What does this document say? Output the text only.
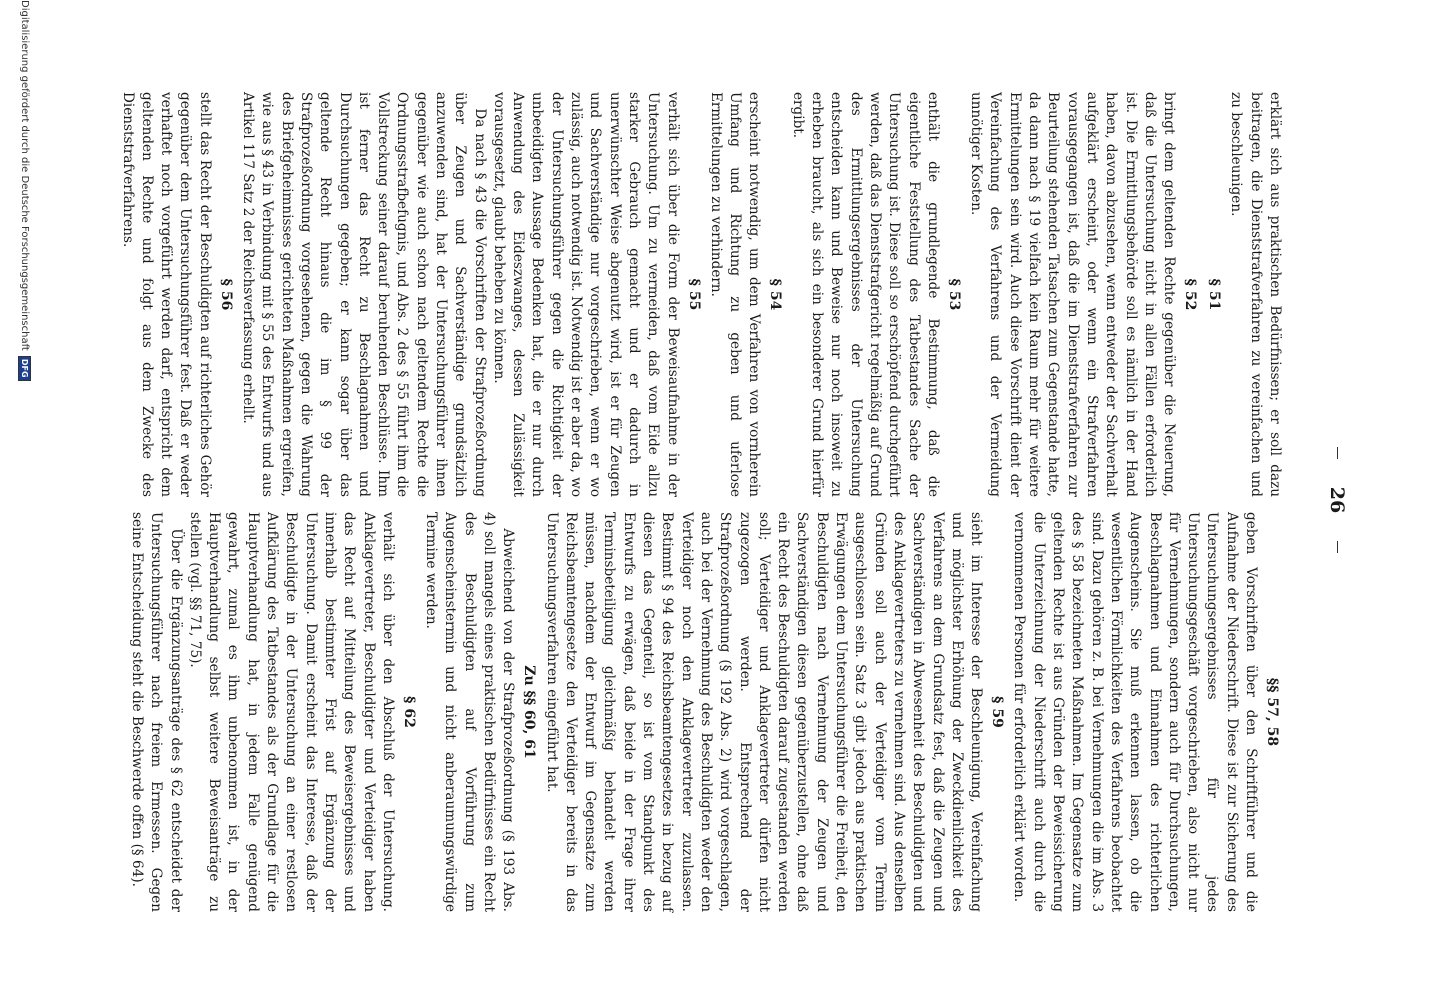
26

erklärt sich aus praktischen Bedürfnissen; er soll dazu beitragen, die Dienststrafverfahren zu vereinfachen und zu beschleunigen.

§ 51
§ 52

bringt dem geltenden Rechte gegenüber die Neuerung, daß die Untersuchung nicht in allen Fällen erforderlich ist. Die Ermittlungsbehörde soll es nämlich in der Hand haben, davon abzusehen, wenn entweder der Sachverhalt aufgeklärt erscheint, oder wenn ein Strafverfahren vorausgegangen ist, daß die im Dienststrafverfahren zur Beurteilung stehenden Tatsachen zum Gegenstande hatte, da dann nach § 19 vielfach kein Raum mehr für weitere Ermittelungen sein wird. Auch diese Vorschrift dient der Vereinfachung des Verfahrens und der Vermeidung unnötiger Kosten.

§ 53

enthält die grundlegende Bestimmung, daß die eigentliche Feststellung des Tatbestandes Sache der Untersuchung ist. Diese soll so erschöpfend durchgeführt werden, daß das Dienststrafgericht regelmäßig auf Grund des Ermittlungsergebnisses der Untersuchung entscheiden kann und Beweise nur noch insoweit zu erheben braucht, als sich ein besonderer Grund hierfür ergibt.

§ 54

erscheint notwendig, um dem Verfahren von vornherein Umfang und Richtung zu geben und uferlose Ermittelungen zu verhindern.

§ 55

verhält sich über die Form der Beweisaufnahme in der Untersuchung. Um zu vermeiden, daß vom Eide allzu starker Gebrauch gemacht und er dadurch in unerwünschter Weise abgenutzt wird, ist er für Zeugen und Sachverständige nur vorgeschrieben, wenn er wo zulässig, auch notwendig ist. Notwendig ist er aber da, wo der Untersuchungsführer gegen die Richtigkeit der unbeeidigten Aussage Bedenken hat, die er nur durch Anwendung des Eideszwanges, dessen Zulässigkeit vorausgesetzt, glaubt beheben zu können.

Da nach § 43 die Vorschriften der Strafprozeßordnung über Zeugen und Sachverständige grundsätzlich anzuwenden sind, hat der Untersuchungsführer ihnen gegenüber wie auch schon nach geltendem Rechte die Ordnungsstrafbefugnis, und Abs. 2 des § 55 führt ihm die Vollstreckung seiner darauf beruhenden Beschlüsse. Ihm ist ferner das Recht zu Beschlagnahmen und Durchsuchungen gegeben; er kann sogar über das geltende Recht hinaus die im § 99 der Strafprozeßordnung vorgesehenen, gegen die Wahrung des Briefgeheimnisses gerichteten Maßnahmen ergreifen, wie aus § 43 in Verbindung mit § 55 des Entwurfs und aus Artikel 117 Satz 2 der Reichsverfassung erhellt.

§ 56

stellt das Recht der Beschuldigten auf richterliches Gehör gegenüber dem Untersuchungsführer fest. Daß er weder verhaftet noch vorgeführt werden darf, entspricht dem geltenden Rechte und folgt aus dem Zwecke des Dienststrafverfahrens.

§§ 57, 58

geben Vorschriften über den Schriftführer und die Aufnahme der Niederschrift. Diese ist zur Sicherung des Untersuchungsergebnisses für jedes Untersuchungsgeschäft vorgeschrieben, also nicht nur für Vernehmungen, sondern auch für Durchsuchungen, Beschlagnahmen und Einnahmen des richterlichen Augenscheins. Sie muß erkennen lassen, ob die wesentlichen Förmlichkeiten des Verfahrens beobachtet sind. Dazu gehören z. B. bei Vernehmungen die im Abs. 3 des § 58 bezeichneten Maßnahmen. Im Gegensatze zum geltenden Rechte ist aus Gründen der Beweissicherung die Unterzeichnung der Niederschrift auch durch die vernommenen Personen für erforderlich erklärt worden.

§ 59

sieht im Interesse der Beschleunigung, Vereinfachung und möglichster Erhöhung der Zweckdienlichkeit des Verfahrens an dem Grundsatz fest, daß die Zeugen und Sachverständigen in Abwesenheit des Beschuldigten und des Anklagevertreters zu vernehmen sind. Aus denselben Gründen soll auch der Verteidiger vom Termin ausgeschlossen sein. Satz 3 gibt jedoch aus praktischen Erwägungen dem Untersuchungsführer die Freiheit, den Beschuldigten nach Vernehmung der Zeugen und Sachverständigen diesen gegenüberzustellen, ohne daß ein Recht des Beschuldigten darauf zugestanden werden soll; Verteidiger und Anklagevertreter dürfen nicht zugezogen werden. Entsprechend der Strafprozeßordnung (§ 192 Abs. 2) wird vorgeschlagen, auch bei der Vernehmung des Beschuldigten weder den Verteidiger noch den Anklagevertreter zuzulassen. Bestimmt § 94 des Reichsbeamtengesetzes in bezug auf diesen das Gegenteil, so ist vom Standpunkt des Entwurfs zu erwägen, daß beide in der Frage ihrer Terminsbeteiligung gleichmäßig behandelt werden müssen, nachdem der Entwurf im Gegensatze zum Reichsbeamtengesetze den Verteidiger bereits in das Untersuchungsverfahren eingeführt hat.

Zu §§ 60, 61

Abweichend von der Strafprozeßordnung (§ 193 Abs. 4) soll mangels eines praktischen Bedürfnisses ein Recht des Beschuldigten auf Vorführung zum Augenscheinstermin und nicht anberaumungswürdige Termine werden.

§ 62

verhält sich über den Abschluß der Untersuchung. Anklagevertreter, Beschuldigter und Verteidiger haben das Recht auf Mitteilung des Beweisergebnisses und innerhalb bestimmter Frist auf Ergänzung der Untersuchung. Damit erscheint das Interesse, daß der Beschuldigte in der Untersuchung an einer restlosen Aufklärung des Tatbestandes als der Grundlage für die Hauptverhandlung hat, in jedem Falle genügend gewahrt, zumal es ihm unbenommen ist, in der Hauptverhandlung selbst weitere Beweisanträge zu stellen (vgl. §§ 71, 75).

Über die Ergänzungsanträge des § 62 entscheidet der Untersuchungsführer nach freiem Ermessen. Gegen seine Entscheidung steht die Beschwerde offen (§ 64).

Digitalisierung gefördert durch die Deutsche Forschungsgemeinschaft
DFG
